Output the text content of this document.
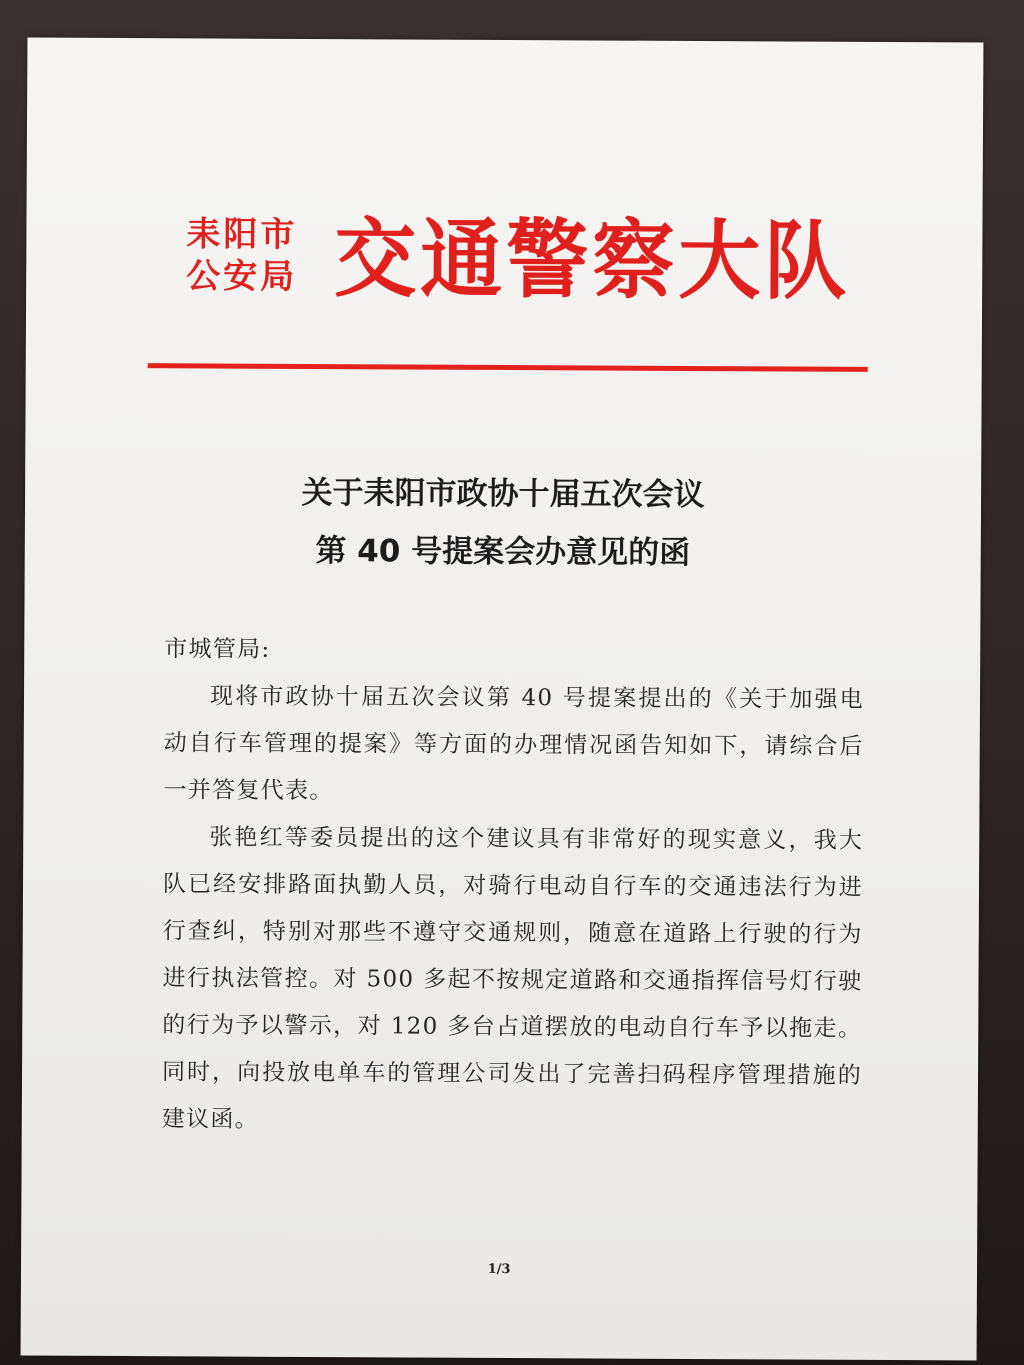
耒阳市
公安局 交通警察大队
关于耒阳市政协十届五次会议
第 40 号提案会办意见的函

市城管局:

现将市政协十届五次会议第 40 号提案提出的《关于加强电动自行车管理的提案》等方面的办理情况函告知如下，请综合后一并答复代表。

张艳红等委员提出的这个建议具有非常好的现实意义，我大队已经安排路面执勤人员，对骑行电动自行车的交通违法行为进行查纠，特别对那些不遵守交通规则，随意在道路上行驶的行为进行执法管控。对 500 多起不按规定道路和交通指挥信号灯行驶的行为予以警示，对 120 多台占道摆放的电动自行车予以拖走。同时，向投放电单车的管理公司发出了完善扫码程序管理措施的建议函。

1/3
